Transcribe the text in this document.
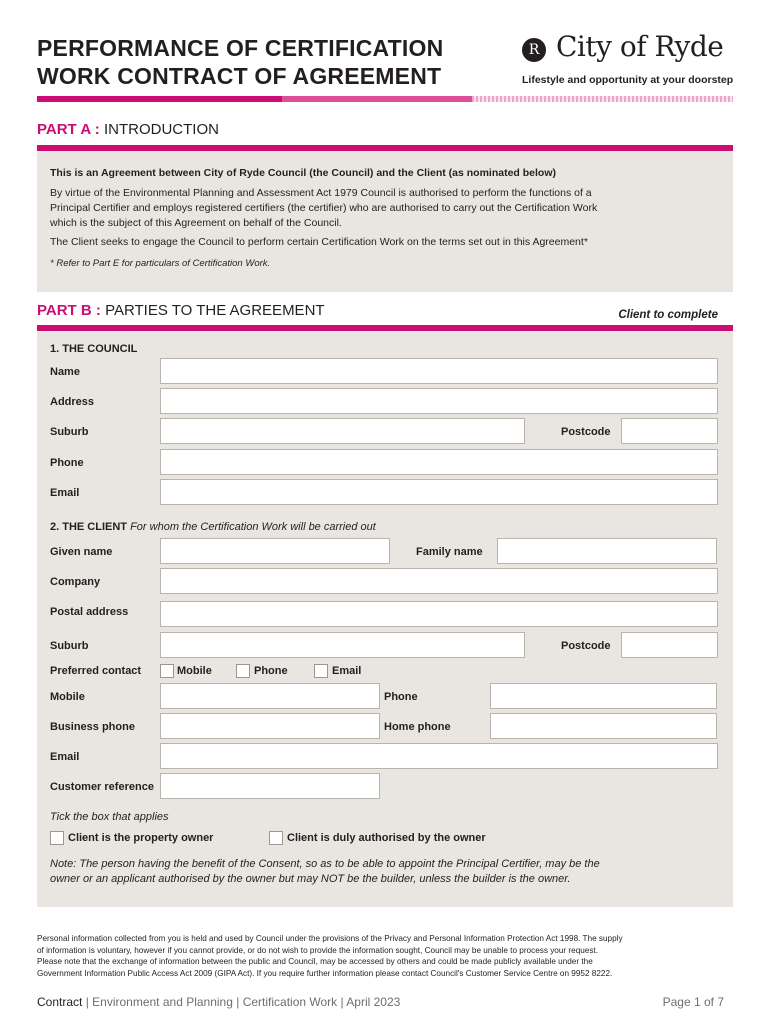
PERFORMANCE OF CERTIFICATION
WORK CONTRACT OF AGREEMENT
R City of Ryde
Lifestyle and opportunity at your doorstep
PART A : INTRODUCTION
This is an Agreement between City of Ryde Council (the Council) and the Client (as nominated below)
By virtue of the Environmental Planning and Assessment Act 1979 Council is authorised to perform the functions of a
Principal Certifier and employs registered certifiers (the certifier) who are authorised to carry out the Certification Work
which is the subject of this Agreement on behalf of the Council.
The Client seeks to engage the Council to perform certain Certification Work on the terms set out in this Agreement*
* Refer to Part E for particulars of Certification Work.
PART B : PARTIES TO THE AGREEMENT	Client to complete
1. THE COUNCIL
Name
Address
Suburb	Postcode
Phone
Email
2. THE CLIENT For whom the Certification Work will be carried out
Given name	Family name
Company
Postal address
Suburb	Postcode
Preferred contact	Mobile	Phone	Email
Mobile	Phone
Business phone	Home phone
Email
Customer reference
Tick the box that applies
Client is the property owner	Client is duly authorised by the owner
Note: The person having the benefit of the Consent, so as to be able to appoint the Principal Certifier, may be the
owner or an applicant authorised by the owner but may NOT be the builder, unless the builder is the owner.
Personal information collected from you is held and used by Council under the provisions of the Privacy and Personal Information Protection Act 1998. The supply
of information is voluntary, however if you cannot provide, or do not wish to provide the information sought, Council may be unable to process your request.
Please note that the exchange of information between the public and Council, may be accessed by others and could be made publicly available under the
Government Information Public Access Act 2009 (GIPA Act). If you require further information please contact Council's Customer Service Centre on 9952 8222.
Contract | Environment and Planning | Certification Work | April 2023	Page 1 of 7
